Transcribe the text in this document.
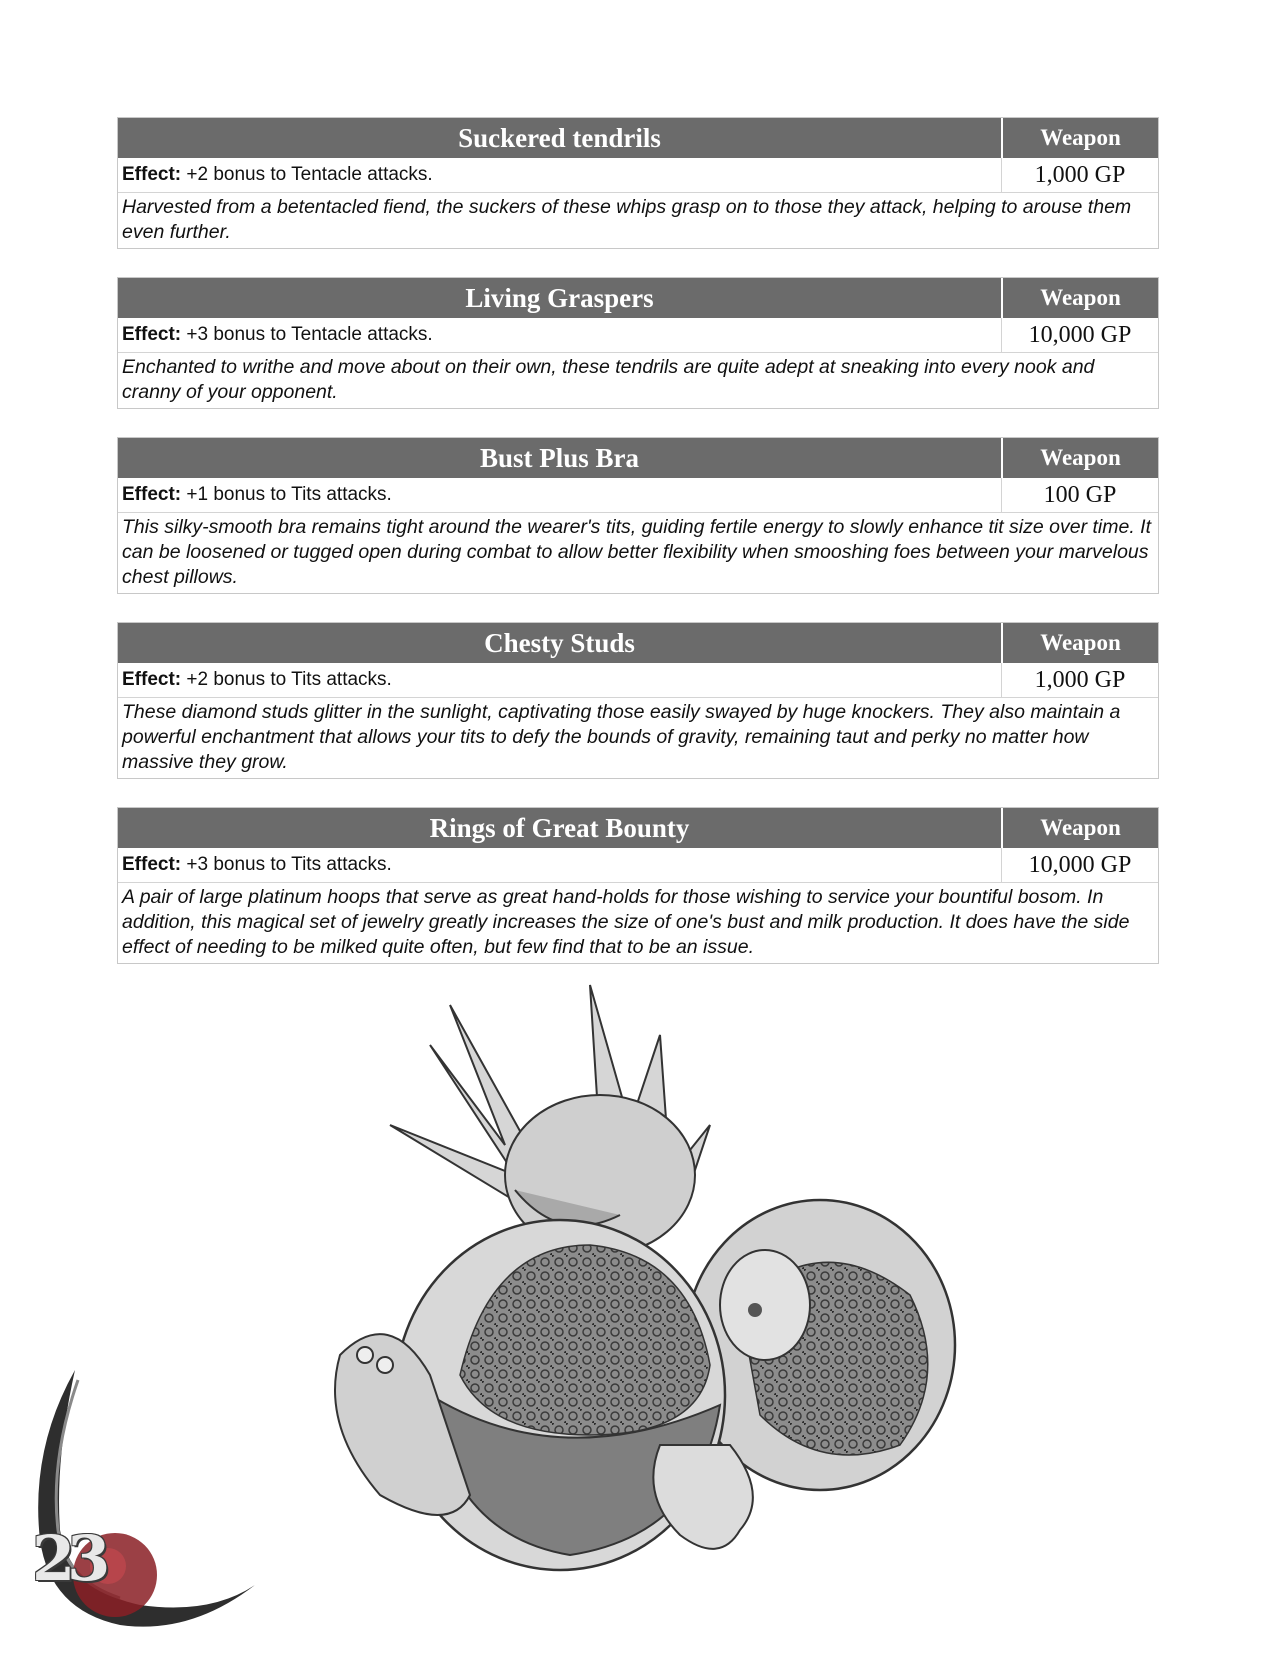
Suckered tendrils	Weapon
Effect: +2 bonus to Tentacle attacks.	1,000 GP
Harvested from a betentacled fiend, the suckers of these whips grasp on to those they attack, helping to arouse them even further.
Living Graspers	Weapon
Effect: +3 bonus to Tentacle attacks.	10,000 GP
Enchanted to writhe and move about on their own, these tendrils are quite adept at sneaking into every nook and cranny of your opponent.
Bust Plus Bra	Weapon
Effect: +1 bonus to Tits attacks.	100 GP
This silky-smooth bra remains tight around the wearer's tits, guiding fertile energy to slowly enhance tit size over time. It can be loosened or tugged open during combat to allow better flexibility when smooshing foes between your marvelous chest pillows.
Chesty Studs	Weapon
Effect: +2 bonus to Tits attacks.	1,000 GP
These diamond studs glitter in the sunlight, captivating those easily swayed by huge knockers. They also maintain a powerful enchantment that allows your tits to defy the bounds of gravity, remaining taut and perky no matter how massive they grow.
Rings of Great Bounty	Weapon
Effect: +3 bonus to Tits attacks.	10,000 GP
A pair of large platinum hoops that serve as great hand-holds for those wishing to service your bountiful bosom. In addition, this magical set of jewelry greatly increases the size of one's bust and milk production. It does have the side effect of needing to be milked quite often, but few find that to be an issue.
23
